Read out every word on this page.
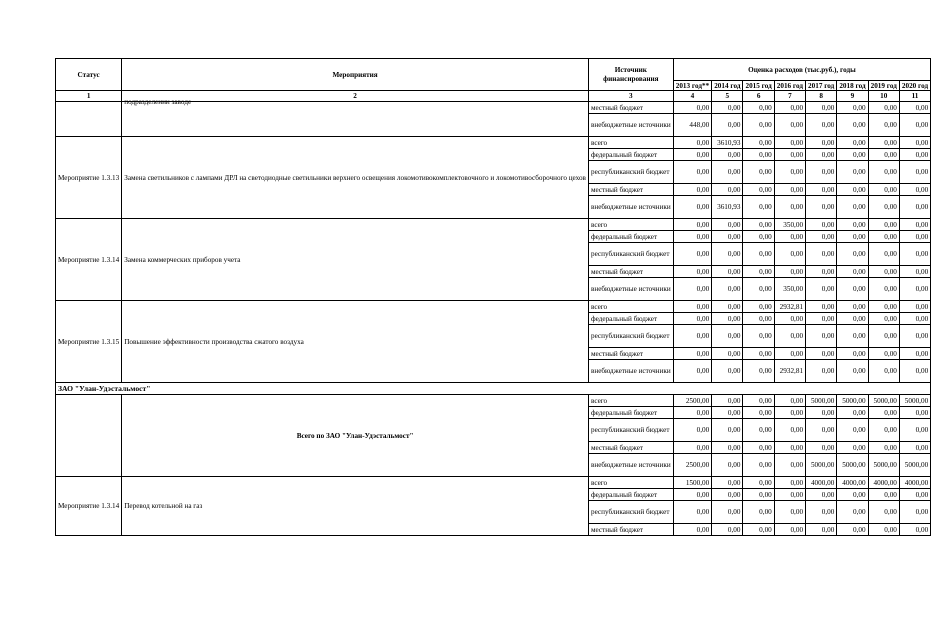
Статус	Мероприятия	Источник финансирования	Оценка расходов (тыс.руб.), годы							
			2013 год**	2014 год	2015 год	2016 год	2017 год	2018 год	2019 год	2020 год
1	2	3	4	5	6	7	8	9	10	11

	подразделении заводе	местный бюджет	0,00	0,00	0,00	0,00	0,00	0,00	0,00	0,00
		внебюджетные источники	448,00	0,00	0,00	0,00	0,00	0,00	0,00	0,00
Мероприятие 1.3.13	Замена светильников с лампами ДРЛ на светодиодные светильники верхнего освещения локомотивокомплектовочного и локомотивосборочного цехов	всего	0,00	3610,93	0,00	0,00	0,00	0,00	0,00	0,00
		федеральный бюджет	0,00	0,00	0,00	0,00	0,00	0,00	0,00	0,00
		республиканский бюджет	0,00	0,00	0,00	0,00	0,00	0,00	0,00	0,00
		местный бюджет	0,00	0,00	0,00	0,00	0,00	0,00	0,00	0,00
		внебюджетные источники	0,00	3610,93	0,00	0,00	0,00	0,00	0,00	0,00
Мероприятие 1.3.14	Замена коммерческих приборов учета	всего	0,00	0,00	0,00	350,00	0,00	0,00	0,00	0,00
		федеральный бюджет	0,00	0,00	0,00	0,00	0,00	0,00	0,00	0,00
		республиканский бюджет	0,00	0,00	0,00	0,00	0,00	0,00	0,00	0,00
		местный бюджет	0,00	0,00	0,00	0,00	0,00	0,00	0,00	0,00
		внебюджетные источники	0,00	0,00	0,00	350,00	0,00	0,00	0,00	0,00
Мероприятие 1.3.15	Повышение эффективности производства сжатого воздуха	всего	0,00	0,00	0,00	2932,81	0,00	0,00	0,00	0,00
		федеральный бюджет	0,00	0,00	0,00	0,00	0,00	0,00	0,00	0,00
		республиканский бюджет	0,00	0,00	0,00	0,00	0,00	0,00	0,00	0,00
		местный бюджет	0,00	0,00	0,00	0,00	0,00	0,00	0,00	0,00
		внебюджетные источники	0,00	0,00	0,00	2932,81	0,00	0,00	0,00	0,00
ЗАО "Улан-Удэстальмост"										
	Всего по ЗАО "Улан-Удэстальмост"	всего	2500,00	0,00	0,00	0,00	5000,00	5000,00	5000,00	5000,00
		федеральный бюджет	0,00	0,00	0,00	0,00	0,00	0,00	0,00	0,00
		республиканский бюджет	0,00	0,00	0,00	0,00	0,00	0,00	0,00	0,00
		местный бюджет	0,00	0,00	0,00	0,00	0,00	0,00	0,00	0,00
		внебюджетные источники	2500,00	0,00	0,00	0,00	5000,00	5000,00	5000,00	5000,00
Мероприятие 1.3.14	Перевод котельной на газ	всего	1500,00	0,00	0,00	0,00	4000,00	4000,00	4000,00	4000,00
		федеральный бюджет	0,00	0,00	0,00	0,00	0,00	0,00	0,00	0,00
		республиканский бюджет	0,00	0,00	0,00	0,00	0,00	0,00	0,00	0,00
		местный бюджет	0,00	0,00	0,00	0,00	0,00	0,00	0,00	0,00
